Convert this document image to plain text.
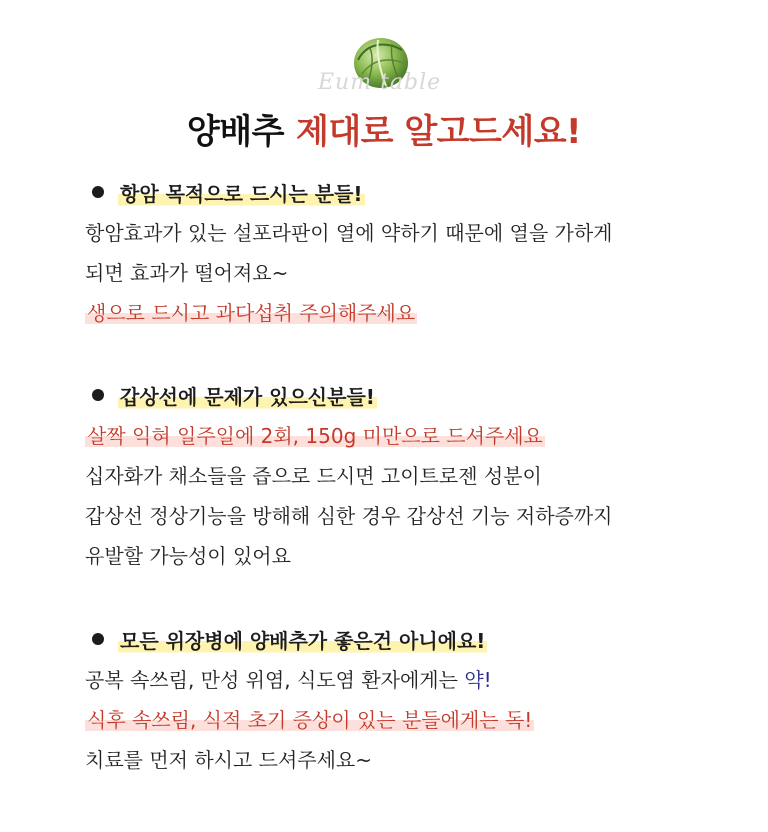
Eum table
양배추 제대로 알고드세요!
항암 목적으로 드시는 분들!
항암효과가 있는 설포라판이 열에 약하기 때문에 열을 가하게
되면 효과가 떨어져요~
생으로 드시고 과다섭취 주의해주세요
갑상선에 문제가 있으신분들!
살짝 익혀 일주일에 2회, 150g 미만으로 드셔주세요
십자화가 채소들을 즙으로 드시면 고이트로젠 성분이
갑상선 정상기능을 방해해 심한 경우 갑상선 기능 저하증까지
유발할 가능성이 있어요
모든 위장병에 양배추가 좋은건 아니에요!
공복 속쓰림, 만성 위염, 식도염 환자에게는 약!
식후 속쓰림, 식적 초기 증상이 있는 분들에게는 독!
치료를 먼저 하시고 드셔주세요~
